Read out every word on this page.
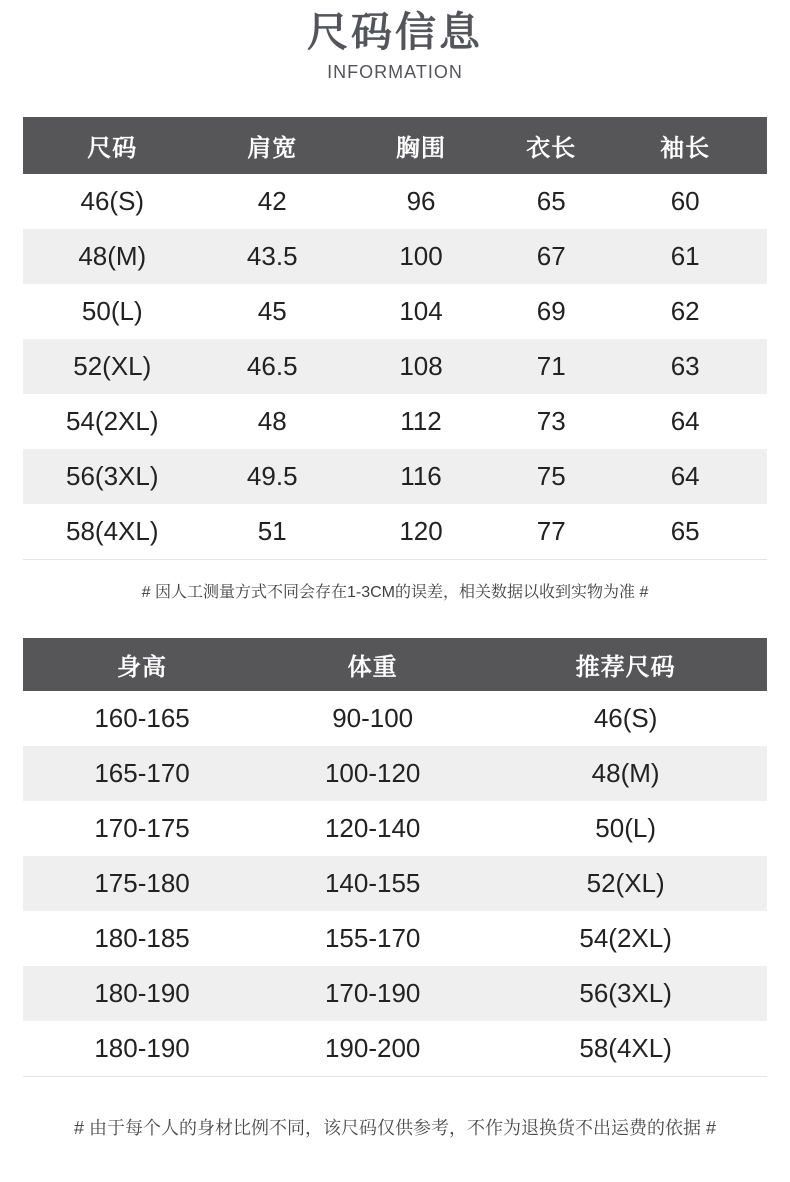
尺码信息
INFORMATION
尺码	肩宽	胸围	衣长	袖长
46(S)	42	96	65	60
48(M)	43.5	100	67	61
50(L)	45	104	69	62
52(XL)	46.5	108	71	63
54(2XL)	48	112	73	64
56(3XL)	49.5	116	75	64
58(4XL)	51	120	77	65
# 因人工测量方式不同会存在1-3CM的误差，相关数据以收到实物为准 #
身高	体重	推荐尺码
160-165	90-100	46(S)
165-170	100-120	48(M)
170-175	120-140	50(L)
175-180	140-155	52(XL)
180-185	155-170	54(2XL)
180-190	170-190	56(3XL)
180-190	190-200	58(4XL)
# 由于每个人的身材比例不同，该尺码仅供参考，不作为退换货不出运费的依据 #
